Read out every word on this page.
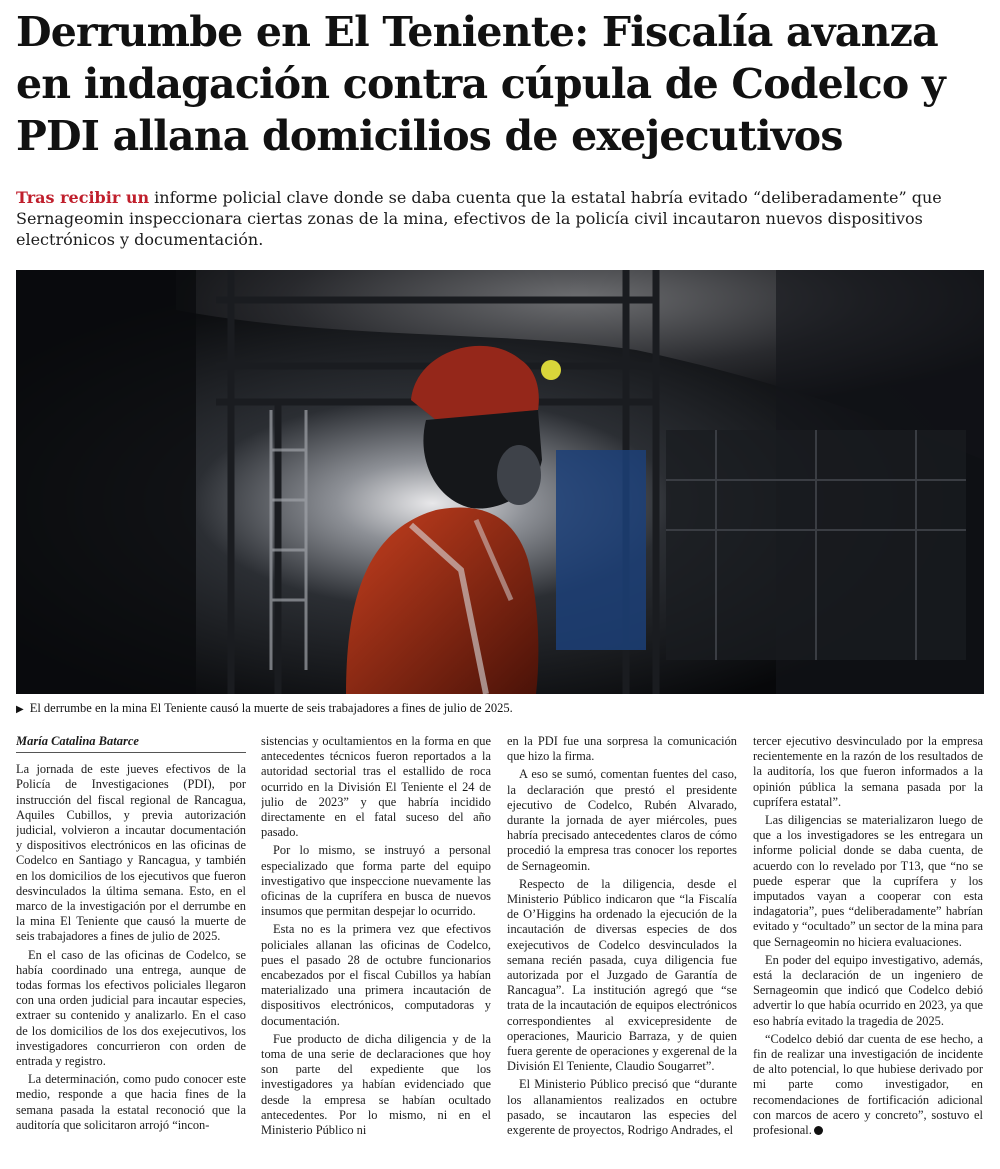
Derrumbe en El Teniente: Fiscalía avanza en indagación contra cúpula de Codelco y PDI allana domicilios de exejecutivos

Tras recibir un informe policial clave donde se daba cuenta que la estatal habría evitado “deliberadamente” que Sernageomin inspeccionara ciertas zonas de la mina, efectivos de la policía civil incautaron nuevos dispositivos electrónicos y documentación.

▶ El derrumbe en la mina El Teniente causó la muerte de seis trabajadores a fines de julio de 2025.

María Catalina Batarce

La jornada de este jueves efectivos de la Policía de Investigaciones (PDI), por instrucción del fiscal regional de Rancagua, Aquiles Cubillos, y previa autorización judicial, volvieron a incautar documentación y dispositivos electrónicos en las oficinas de Codelco en Santiago y Rancagua, y también en los domicilios de los ejecutivos que fueron desvinculados la última semana. Esto, en el marco de la investigación por el derrumbe en la mina El Teniente que causó la muerte de seis trabajadores a fines de julio de 2025.

En el caso de las oficinas de Codelco, se había coordinado una entrega, aunque de todas formas los efectivos policiales llegaron con una orden judicial para incautar especies, extraer su contenido y analizarlo. En el caso de los domicilios de los dos exejecutivos, los investigadores concurrieron con orden de entrada y registro.

La determinación, como pudo conocer este medio, responde a que hacia fines de la semana pasada la estatal reconoció que la auditoría que solicitaron arrojó “incon-

sistencias y ocultamientos en la forma en que antecedentes técnicos fueron reportados a la autoridad sectorial tras el estallido de roca ocurrido en la División El Teniente el 24 de julio de 2023” y que habría incidido directamente en el fatal suceso del año pasado.

Por lo mismo, se instruyó a personal especializado que forma parte del equipo investigativo que inspeccione nuevamente las oficinas de la cuprífera en busca de nuevos insumos que permitan despejar lo ocurrido.

Esta no es la primera vez que efectivos policiales allanan las oficinas de Codelco, pues el pasado 28 de octubre funcionarios encabezados por el fiscal Cubillos ya habían materializado una primera incautación de dispositivos electrónicos, computadoras y documentación.

Fue producto de dicha diligencia y de la toma de una serie de declaraciones que hoy son parte del expediente que los investigadores ya habían evidenciado que desde la empresa se habían ocultado antecedentes. Por lo mismo, ni en el Ministerio Público ni

en la PDI fue una sorpresa la comunicación que hizo la firma.

A eso se sumó, comentan fuentes del caso, la declaración que prestó el presidente ejecutivo de Codelco, Rubén Alvarado, durante la jornada de ayer miércoles, pues habría precisado antecedentes claros de cómo procedió la empresa tras conocer los reportes de Sernageomin.

Respecto de la diligencia, desde el Ministerio Público indicaron que “la Fiscalía de O’Higgins ha ordenado la ejecución de la incautación de diversas especies de dos exejecutivos de Codelco desvinculados la semana recién pasada, cuya diligencia fue autorizada por el Juzgado de Garantía de Rancagua”. La institución agregó que “se trata de la incautación de equipos electrónicos correspondientes al exvicepresidente de operaciones, Mauricio Barraza, y de quien fuera gerente de operaciones y exgerenal de la División El Teniente, Claudio Sougarret”.

El Ministerio Público precisó que “durante los allanamientos realizados en octubre pasado, se incautaron las especies del exgerente de proyectos, Rodrigo Andrades, el

tercer ejecutivo desvinculado por la empresa recientemente en la razón de los resultados de la auditoría, los que fueron informados a la opinión pública la semana pasada por la cuprífera estatal”.

Las diligencias se materializaron luego de que a los investigadores se les entregara un informe policial donde se daba cuenta, de acuerdo con lo revelado por T13, que “no se puede esperar que la cuprífera y los imputados vayan a cooperar con esta indagatoria”, pues “deliberadamente” habrían evitado y “ocultado” un sector de la mina para que Sernageomin no hiciera evaluaciones.

En poder del equipo investigativo, además, está la declaración de un ingeniero de Sernageomin que indicó que Codelco debió advertir lo que había ocurrido en 2023, ya que eso habría evitado la tragedia de 2025.

“Codelco debió dar cuenta de ese hecho, a fin de realizar una investigación de incidente de alto potencial, lo que hubiese derivado por mi parte como investigador, en recomendaciones de fortificación adicional con marcos de acero y concreto”, sostuvo el profesional.
